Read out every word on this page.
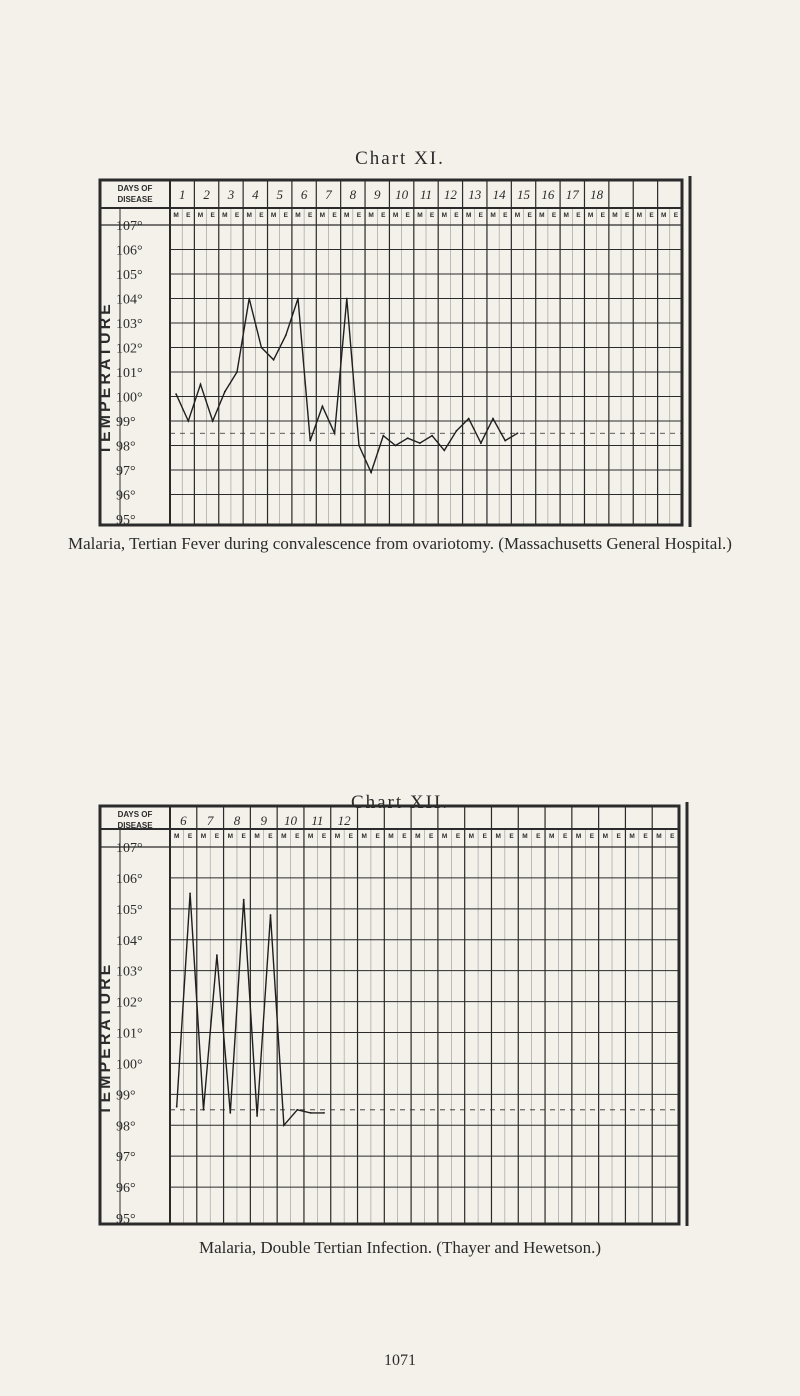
Chart XI.
Malaria, Tertian Fever during convalescence from ovariotomy. (Massachusetts General Hospital.)
Chart XII.
Malaria, Double Tertian Infection. (Thayer and Hewetson.)
DAYS OF
DISEASE
TEMPERATURE
1
M E
2
M E
3
M E
4
M E
5
M E
6
M E
7
M E
8
M E
9
M E
10
M E
11
M E
12
M E
13
M E
14
M E
15
M E
16
M E
17
M E
18
M E M E M E M E
107°
106°
105°
104°
103°
102°
101°
100°
99°
98°
97°
96°
95°
DAYS OF
DISEASE
TEMPERATURE
6
M E
7
M E
8
M E
9
M E
10
M E
11
M E
12
M E M E M E M E M E M E M E M E M E M E M E M E M E
107°
106°
105°
104°
103°
102°
101°
100°
99°
98°
97°
96°
95°
1071
